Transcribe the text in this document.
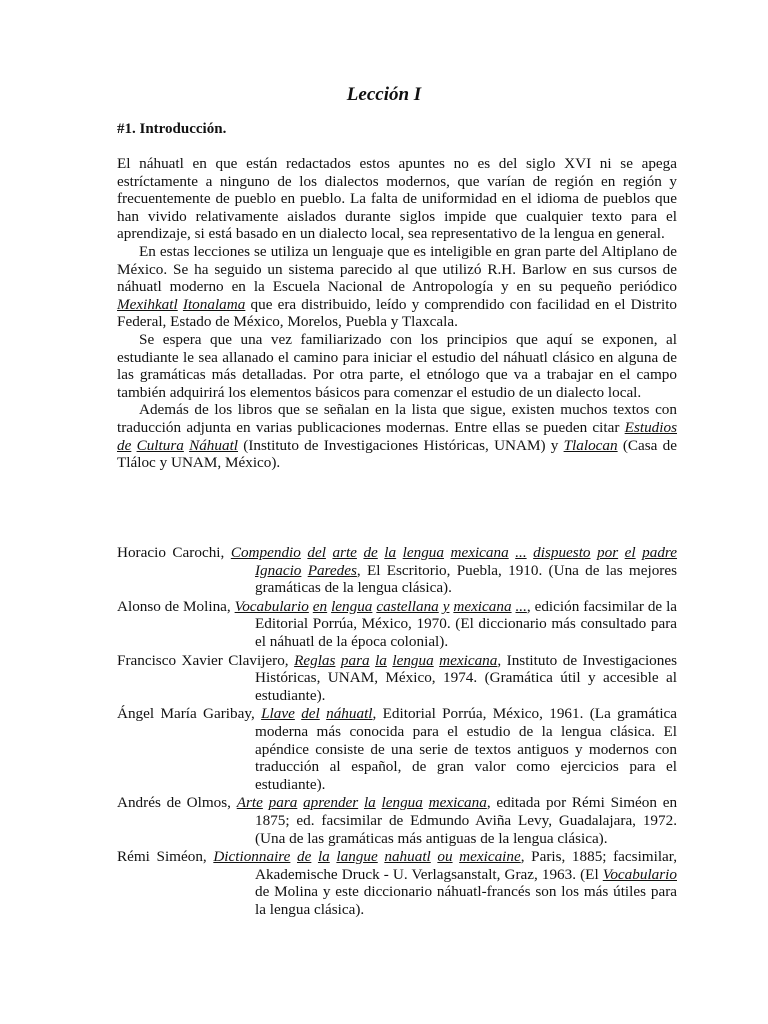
Lección I
#1. Introducción.

El náhuatl en que están redactados estos apuntes no es del siglo XVI ni se apega estríctamente a ninguno de los dialectos modernos, que varían de región en región y frecuentemente de pueblo en pueblo. La falta de uniformidad en el idioma de pueblos que han vivido relativamente aislados durante siglos impide que cualquier texto para el aprendizaje, si está basado en un dialecto local, sea representativo de la lengua en general.

En estas lecciones se utiliza un lenguaje que es inteligible en gran parte del Altiplano de México. Se ha seguido un sistema parecido al que utilizó R.H. Barlow en sus cursos de náhuatl moderno en la Escuela Nacional de Antropología y en su pequeño periódico Mexihkatl Itonalama que era distribuido, leído y comprendido con facilidad en el Distrito Federal, Estado de México, Morelos, Puebla y Tlaxcala.

Se espera que una vez familiarizado con los principios que aquí se exponen, al estudiante le sea allanado el camino para iniciar el estudio del náhuatl clásico en alguna de las gramáticas más detalladas. Por otra parte, el etnólogo que va a trabajar en el campo también adquirirá los elementos básicos para comenzar el estudio de un dialecto local.

Además de los libros que se señalan en la lista que sigue, existen muchos textos con traducción adjunta en varias publicaciones modernas. Entre ellas se pueden citar Estudios de Cultura Náhuatl (Instituto de Investigaciones Históricas, UNAM) y Tlalocan (Casa de Tláloc y UNAM, México).

Horacio Carochi, Compendio del arte de la lengua mexicana ... dispuesto por el padre Ignacio Paredes, El Escritorio, Puebla, 1910. (Una de las mejores gramáticas de la lengua clásica).

Alonso de Molina, Vocabulario en lengua castellana y mexicana ..., edición facsimilar de la Editorial Porrúa, México, 1970. (El diccionario más consultado para el náhuatl de la época colonial).

Francisco Xavier Clavijero, Reglas para la lengua mexicana, Instituto de Investigaciones Históricas, UNAM, México, 1974. (Gramática útil y accesible al estudiante).

Ángel María Garibay, Llave del náhuatl, Editorial Porrúa, México, 1961. (La gramática moderna más conocida para el estudio de la lengua clásica. El apéndice consiste de una serie de textos antiguos y modernos con traducción al español, de gran valor como ejercicios para el estudiante).

Andrés de Olmos, Arte para aprender la lengua mexicana, editada por Rémi Siméon en 1875; ed. facsimilar de Edmundo Aviña Levy, Guadalajara, 1972. (Una de las gramáticas más antiguas de la lengua clásica).

Rémi Siméon, Dictionnaire de la langue nahuatl ou mexicaine, Paris, 1885; facsimilar, Akademische Druck - U. Verlagsanstalt, Graz, 1963. (El Vocabulario de Molina y este diccionario náhuatl-francés son los más útiles para la lengua clásica).
